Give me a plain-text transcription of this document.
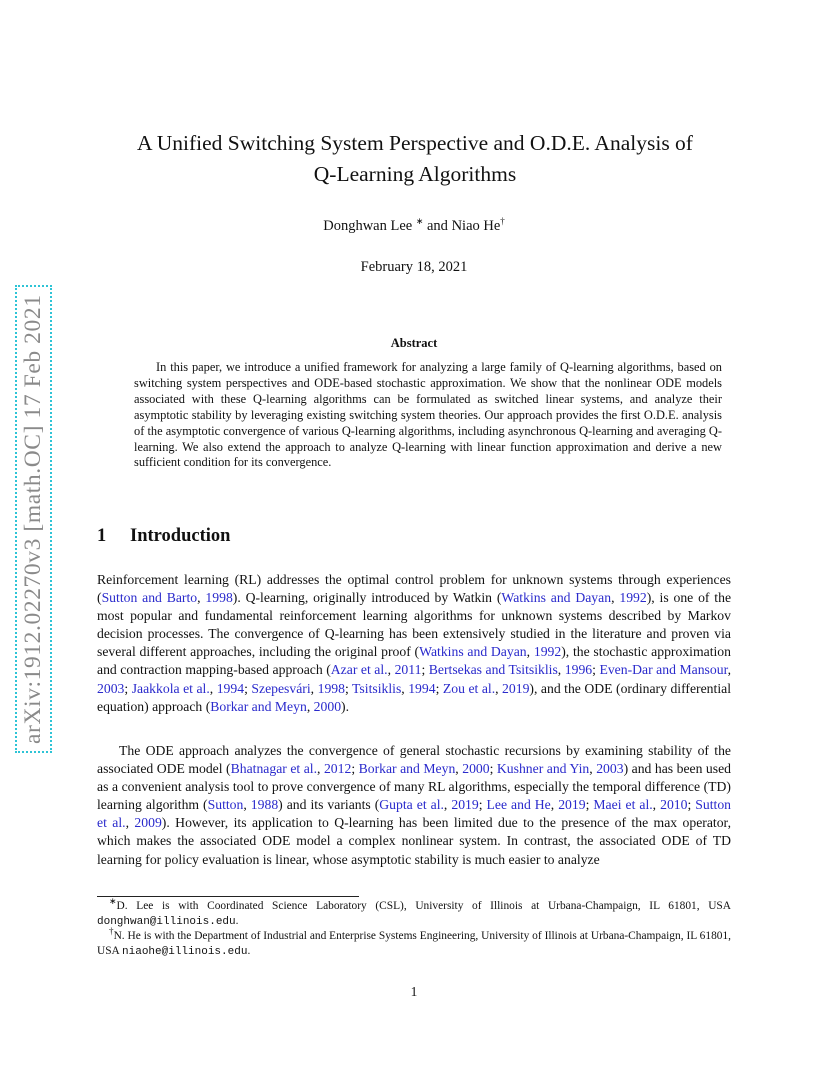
arXiv:1912.02270v3 [math.OC] 17 Feb 2021
A Unified Switching System Perspective and O.D.E. Analysis of
Q-Learning Algorithms
Donghwan Lee ∗ and Niao He†
February 18, 2021
Abstract

In this paper, we introduce a unified framework for analyzing a large family of Q-learning algorithms, based on switching system perspectives and ODE-based stochastic approximation. We show that the nonlinear ODE models associated with these Q-learning algorithms can be formulated as switched linear systems, and analyze their asymptotic stability by leveraging existing switching system theories. Our approach provides the first O.D.E. analysis of the asymptotic convergence of various Q-learning algorithms, including asynchronous Q-learning and averaging Q-learning. We also extend the approach to analyze Q-learning with linear function approximation and derive a new sufficient condition for its convergence.

1 Introduction

Reinforcement learning (RL) addresses the optimal control problem for unknown systems through experiences (Sutton and Barto, 1998). Q-learning, originally introduced by Watkin (Watkins and Dayan, 1992), is one of the most popular and fundamental reinforcement learning algorithms for unknown systems described by Markov decision processes. The convergence of Q-learning has been extensively studied in the literature and proven via several different approaches, including the original proof (Watkins and Dayan, 1992), the stochastic approximation and contraction mapping-based approach (Azar et al., 2011; Bertsekas and Tsitsiklis, 1996; Even-Dar and Mansour, 2003; Jaakkola et al., 1994; Szepesvári, 1998; Tsitsiklis, 1994; Zou et al., 2019), and the ODE (ordinary differential equation) approach (Borkar and Meyn, 2000).

The ODE approach analyzes the convergence of general stochastic recursions by examining stability of the associated ODE model (Bhatnagar et al., 2012; Borkar and Meyn, 2000; Kushner and Yin, 2003) and has been used as a convenient analysis tool to prove convergence of many RL algorithms, especially the temporal difference (TD) learning algorithm (Sutton, 1988) and its variants (Gupta et al., 2019; Lee and He, 2019; Maei et al., 2010; Sutton et al., 2009). However, its application to Q-learning has been limited due to the presence of the max operator, which makes the associated ODE model a complex nonlinear system. In contrast, the associated ODE of TD learning for policy evaluation is linear, whose asymptotic stability is much easier to analyze

∗D. Lee is with Coordinated Science Laboratory (CSL), University of Illinois at Urbana-Champaign, IL 61801, USA donghwan@illinois.edu.

†N. He is with the Department of Industrial and Enterprise Systems Engineering, University of Illinois at Urbana-Champaign, IL 61801, USA niaohe@illinois.edu.

1
